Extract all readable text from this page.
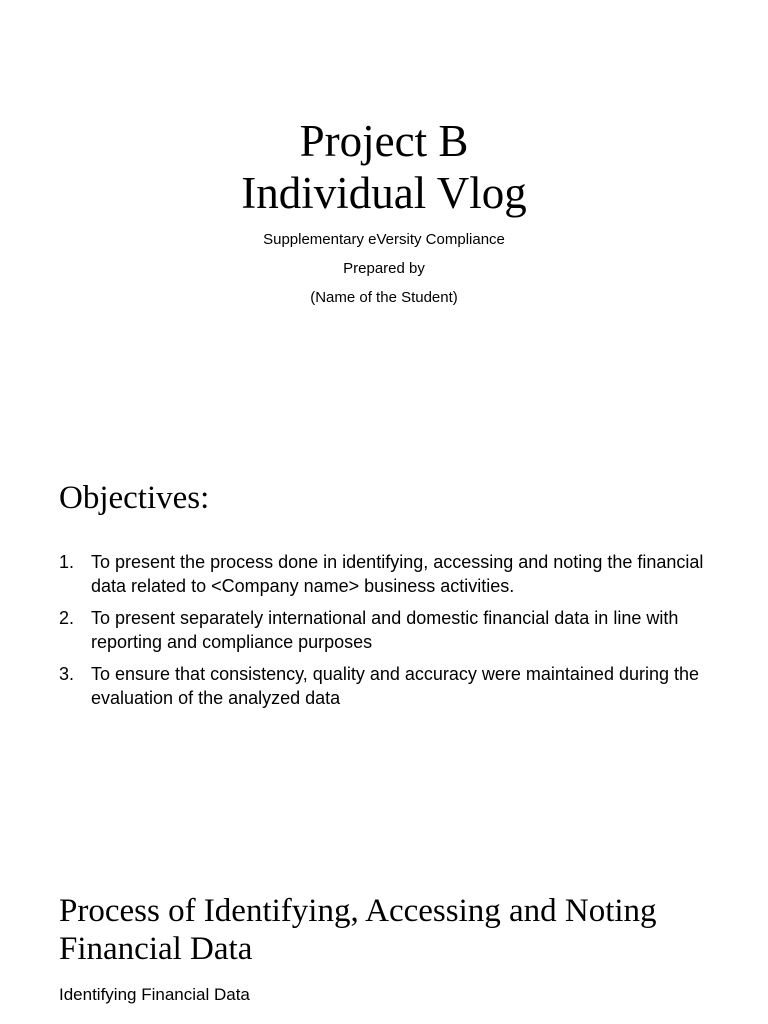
Project B
Individual Vlog
Supplementary eVersity Compliance
Prepared by
(Name of the Student)
Objectives:
1. To present the process done in identifying, accessing and noting the financial data related to <Company name> business activities.
2. To present separately international and domestic financial data in line with reporting and compliance purposes
3. To ensure that consistency, quality and accuracy were maintained during the evaluation of the analyzed data
Process of Identifying, Accessing and Noting Financial Data
Identifying Financial Data
